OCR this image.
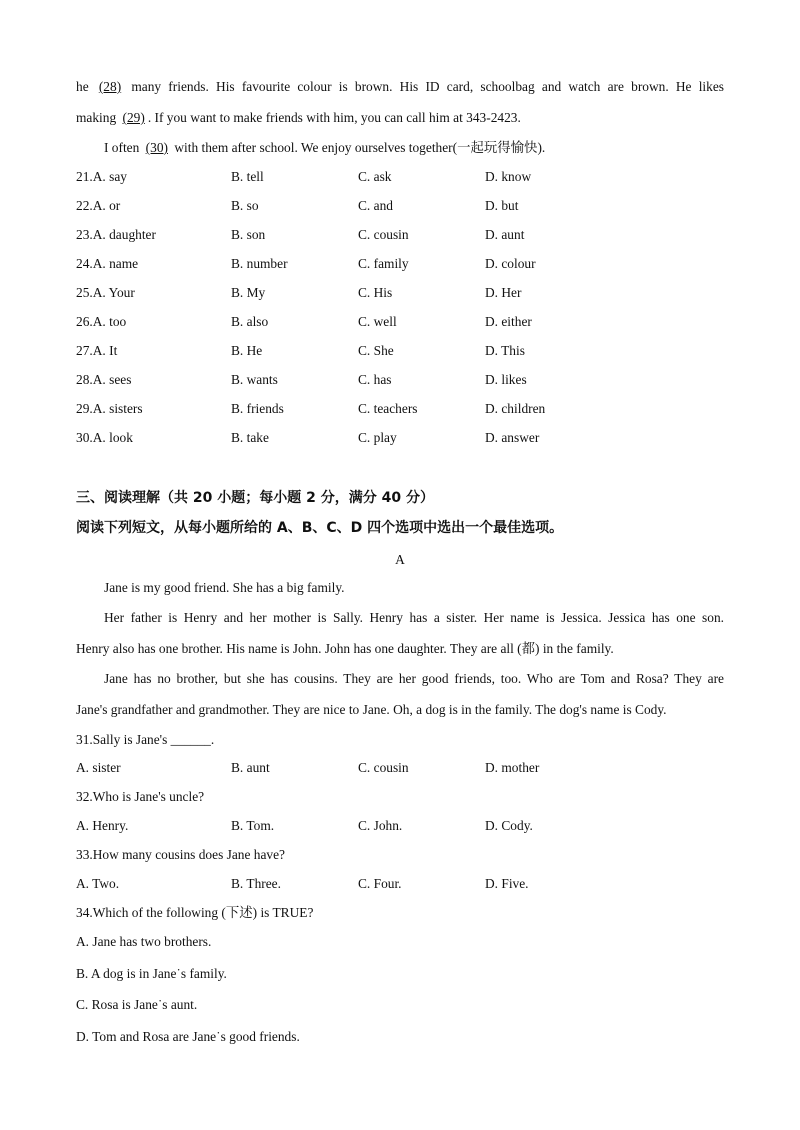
he (28) many friends. His favourite colour is brown. His ID card, schoolbag and watch are brown. He likes
making (29) . If you want to make friends with him, you can call him at 343-2423.
I often (30) with them after school. We enjoy ourselves together(一起玩得愉快).
21.A. say	B. tell	C. ask	D. know
22.A. or	B. so	C. and	D. but
23.A. daughter	B. son	C. cousin	D. aunt
24.A. name	B. number	C. family	D. colour
25.A. Your	B. My	C. His	D. Her
26.A. too	B. also	C. well	D. either
27.A. It	B. He	C. She	D. This
28.A. sees	B. wants	C. has	D. likes
29.A. sisters	B. friends	C. teachers	D. children
30.A. look	B. take	C. play	D. answer
三、阅读理解（共 20 小题；每小题 2 分，满分 40 分）
阅读下列短文，从每小题所给的 A、B、C、D 四个选项中选出一个最佳选项。
A
Jane is my good friend. She has a big family.
Her father is Henry and her mother is Sally. Henry has a sister. Her name is Jessica. Jessica has one son.
Henry also has one brother. His name is John. John has one daughter. They are all (都) in the family.
Jane has no brother, but she has cousins. They are her good friends, too. Who are Tom and Rosa? They are
Jane's grandfather and grandmother. They are nice to Jane. Oh, a dog is in the family. The dog's name is Cody.
31.Sally is Jane's ______.
A. sister	B. aunt	C. cousin	D. mother
32.Who is Jane's uncle?
A. Henry.	B. Tom.	C. John.	D. Cody.
33.How many cousins does Jane have?
A. Two.	B. Three.	C. Four.	D. Five.
34.Which of the following (下述) is TRUE?
A. Jane has two brothers.
B. A dog is in Jane˙s family.
C. Rosa is Jane˙s aunt.
D. Tom and Rosa are Jane˙s good friends.
